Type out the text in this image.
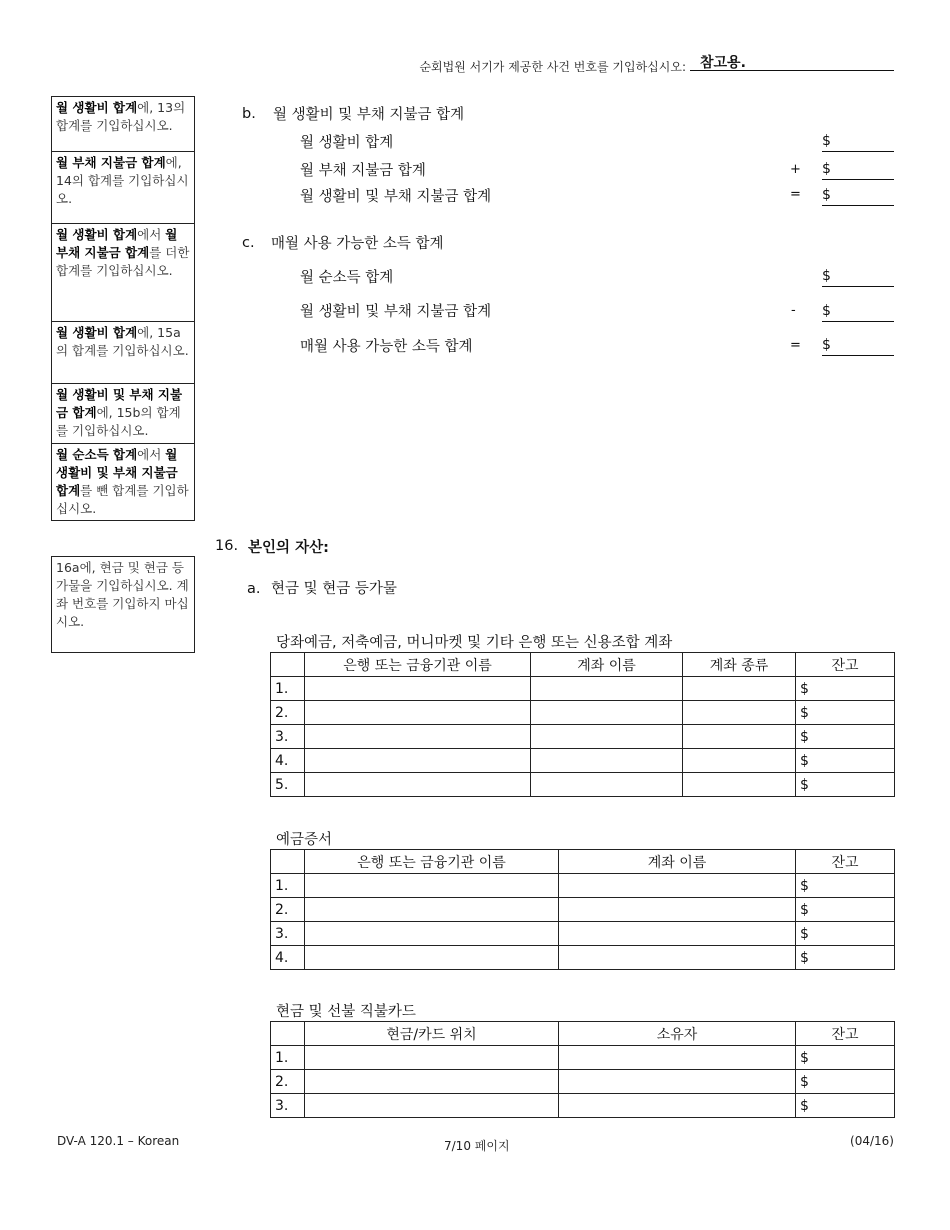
순회법원 서기가 제공한 사건 번호를 기입하십시오:	참고용.
월 생활비 합계에, 13의 합계를 기입하십시오.
월 부채 지불금 합계에, 14의 합계를 기입하십시오.
월 생활비 합계에서 월 부채 지불금 합계를 더한 합계를 기입하십시오.
월 생활비 합계에, 15a의 합계를 기입하십시오.
월 생활비 및 부채 지불금 합계에, 15b의 합계를 기입하십시오.
월 순소득 합계에서 월 생활비 및 부채 지불금 합계를 뺀 합계를 기입하십시오.
16a에, 현금 및 현금 등가물을 기입하십시오. 계좌 번호를 기입하지 마십시오.
b. 월 생활비 및 부채 지불금 합계
월 생활비 합계	$
월 부채 지불금 합계	+ $
월 생활비 및 부채 지불금 합계	= $
c. 매월 사용 가능한 소득 합계
월 순소득 합계	$
월 생활비 및 부채 지불금 합계	- $
매월 사용 가능한 소득 합계	= $
16. 본인의 자산:
a. 현금 및 현금 등가물
당좌예금, 저축예금, 머니마켓 및 기타 은행 또는 신용조합 계좌
	은행 또는 금융기관 이름	계좌 이름	계좌 종류	잔고
1.				$
2.				$
3.				$
4.				$
5.				$
예금증서
	은행 또는 금융기관 이름	계좌 이름	잔고
1.			$
2.			$
3.			$
4.			$
현금 및 선불 직불카드
	현금/카드 위치	소유자	잔고
1.			$
2.			$
3.			$
DV-A 120.1 – Korean	7/10 페이지	(04/16)
